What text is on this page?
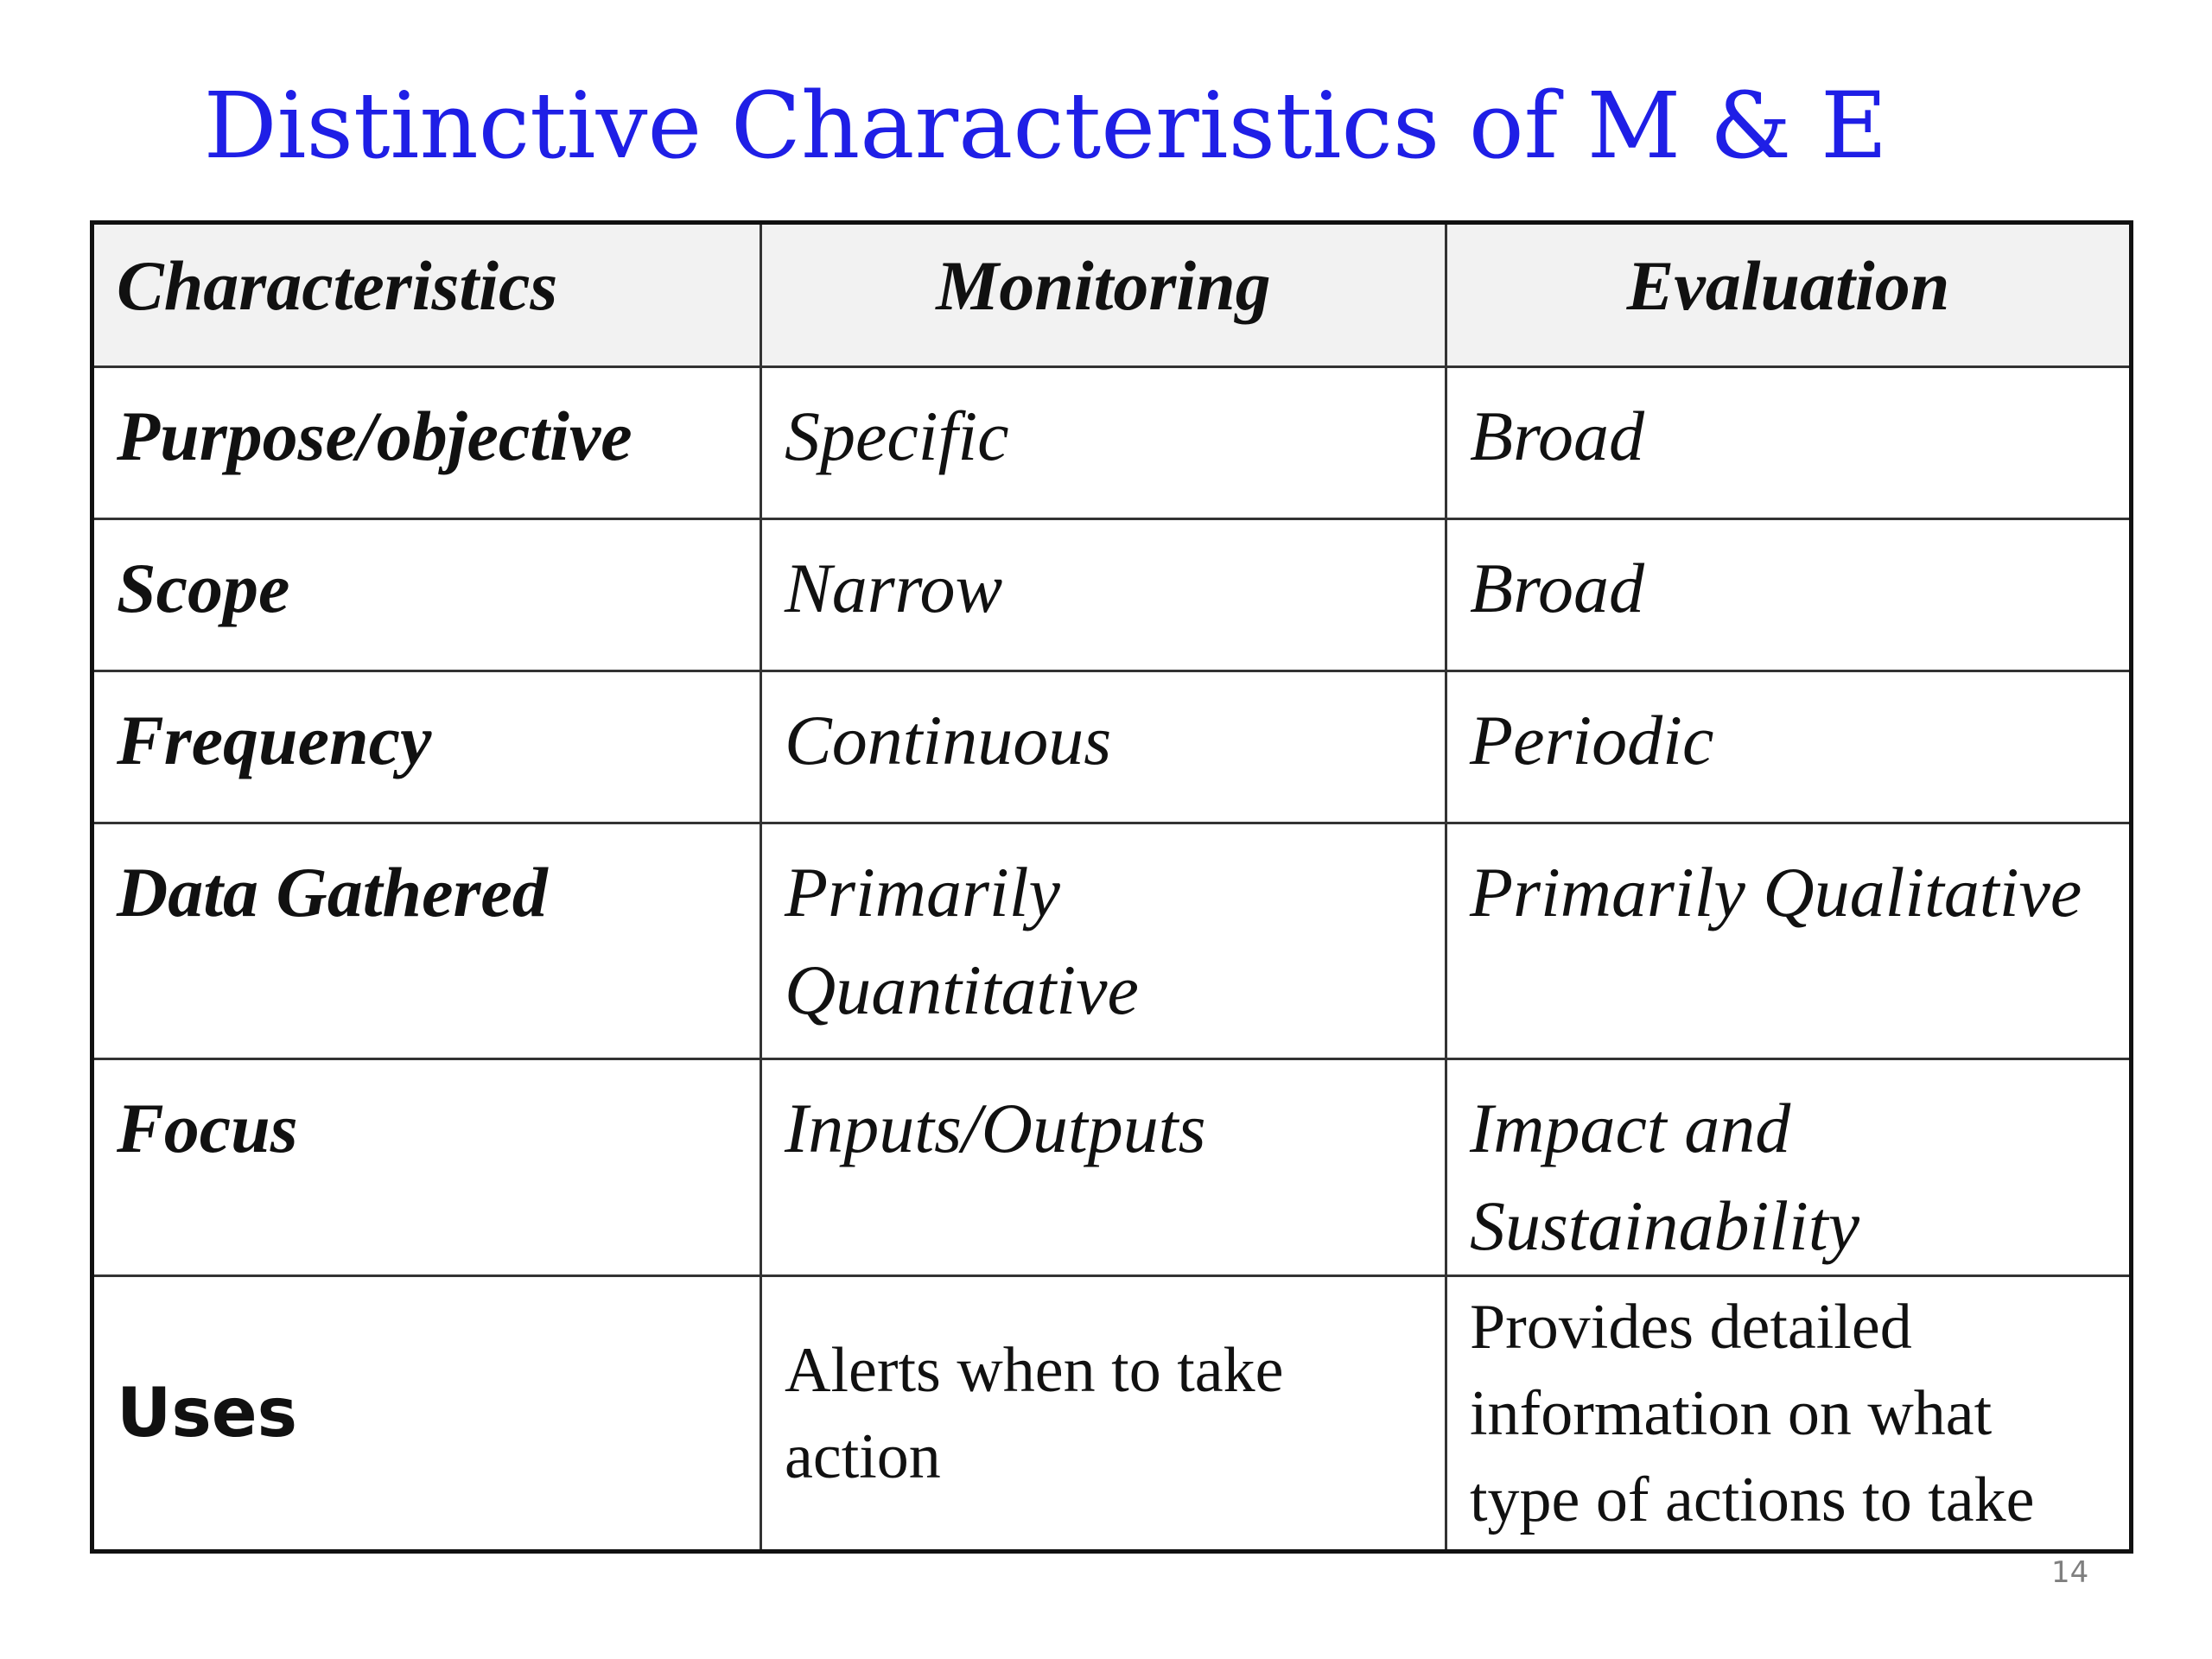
Distinctive Characteristics of M & E
Characteristics	Monitoring	Evaluation
Purpose/objective	Specific	Broad
Scope	Narrow	Broad
Frequency	Continuous	Periodic
Data Gathered	Primarily Quantitative	Primarily Qualitative
Focus	Inputs/Outputs	Impact and Sustainability
Uses	Alerts when to take action	Provides detailed information on what type of actions to take
14
